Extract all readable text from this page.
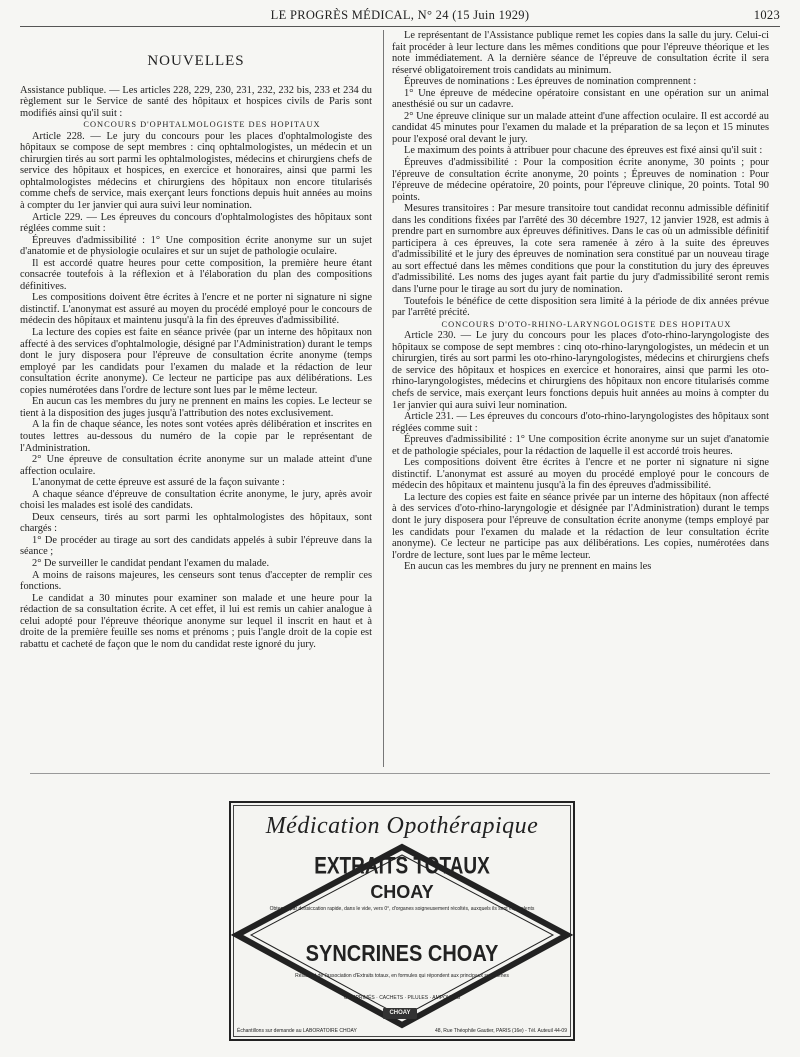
LE PROGRÈS MÉDICAL, N° 24 (15 Juin 1929)	1023
NOUVELLES

Assistance publique. — Les articles 228, 229, 230, 231, 232, 232 bis, 233 et 234 du règlement sur le Service de santé des hôpitaux et hospices civils de Paris sont modifiés ainsi qu'il suit :

CONCOURS D'OPHTALMOLOGISTE DES HOPITAUX

Article 228. — Le jury du concours pour les places d'ophtalmologiste des hôpitaux se compose de sept membres : cinq ophtalmologistes, un médecin et un chirurgien tirés au sort parmi les ophtalmologistes, médecins et chirurgiens chefs de service des hôpitaux et hospices, en exercice et honoraires, ainsi que parmi les ophtalmologistes médecins et chirurgiens des hôpitaux non encore titularisés comme chefs de service, mais exerçant leurs fonctions depuis huit années au moins à compter du 1er janvier qui aura suivi leur nomination.

Article 229. — Les épreuves du concours d'ophtalmologistes des hôpitaux sont réglées comme suit :

Épreuves d'admissibilité : 1° Une composition écrite anonyme sur un sujet d'anatomie et de physiologie oculaires et sur un sujet de pathologie oculaire.

Il est accordé quatre heures pour cette composition, la première heure étant consacrée toutefois à la réflexion et à l'élaboration du plan des compositions définitives.

Les compositions doivent être écrites à l'encre et ne porter ni signature ni signe distinctif. L'anonymat est assuré au moyen du procédé employé pour le concours de médecin des hôpitaux et maintenu jusqu'à la fin des épreuves d'admissibilité.

La lecture des copies est faite en séance privée (par un interne des hôpitaux non affecté à des services d'ophtalmologie, désigné par l'Administration) durant le temps dont le jury disposera pour l'épreuve de consultation écrite anonyme (temps employé par les candidats pour l'examen du malade et la rédaction de leur consultation écrite anonyme). Ce lecteur ne participe pas aux délibérations. Les copies numérotées dans l'ordre de lecture sont lues par le même lecteur.

En aucun cas les membres du jury ne prennent en mains les copies. Le lecteur se tient à la disposition des juges jusqu'à l'attribution des notes exclusivement.

A la fin de chaque séance, les notes sont votées après délibération et inscrites en toutes lettres au-dessous du numéro de la copie par le représentant de l'Administration.

2° Une épreuve de consultation écrite anonyme sur un malade atteint d'une affection oculaire.

L'anonymat de cette épreuve est assuré de la façon suivante :

A chaque séance d'épreuve de consultation écrite anonyme, le jury, après avoir choisi les malades est isolé des candidats.

Deux censeurs, tirés au sort parmi les ophtalmologistes des hôpitaux, sont chargés :

1° De procéder au tirage au sort des candidats appelés à subir l'épreuve dans la séance ;

2° De surveiller le candidat pendant l'examen du malade.

A moins de raisons majeures, les censeurs sont tenus d'accepter de remplir ces fonctions.

Le candidat a 30 minutes pour examiner son malade et une heure pour la rédaction de sa consultation écrite. A cet effet, il lui est remis un cahier analogue à celui adopté pour l'épreuve théorique anonyme sur lequel il inscrit en haut et à droite de la première feuille ses noms et prénoms ; puis l'angle droit de la copie est rabattu et cacheté de façon que le nom du candidat reste ignoré du jury.

Le représentant de l'Assistance publique remet les copies dans la salle du jury. Celui-ci fait procéder à leur lecture dans les mêmes conditions que pour l'épreuve théorique et les note immédiatement. A la dernière séance de l'épreuve de consultation écrite il sera réservé obligatoirement trois candidats au minimum.

Épreuves de nominations : Les épreuves de nomination comprennent :

1° Une épreuve de médecine opératoire consistant en une opération sur un animal anesthésié ou sur un cadavre.

2° Une épreuve clinique sur un malade atteint d'une affection oculaire. Il est accordé au candidat 45 minutes pour l'examen du malade et la préparation de sa leçon et 15 minutes pour l'exposé oral devant le jury.

Le maximum des points à attribuer pour chacune des épreuves est fixé ainsi qu'il suit :

Épreuves d'admissibilité : Pour la composition écrite anonyme, 30 points ; pour l'épreuve de consultation écrite anonyme, 20 points ; Épreuves de nomination : Pour l'épreuve de médecine opératoire, 20 points, pour l'épreuve clinique, 20 points. Total 90 points.

Mesures transitoires : Par mesure transitoire tout candidat reconnu admissible définitif dans les conditions fixées par l'arrêté des 30 décembre 1927, 12 janvier 1928, est admis à prendre part en surnombre aux épreuves définitives. Dans le cas où un admissible définitif participera à ces épreuves, la cote sera ramenée à zéro à la suite des épreuves d'admissibilité et le jury des épreuves de nomination sera constitué par un nouveau tirage au sort effectué dans les mêmes conditions que pour la constitution du jury des épreuves d'admissibilité. Les noms des juges ayant fait partie du jury d'admissibilité seront remis dans l'urne pour le tirage au sort du jury de nomination.

Toutefois le bénéfice de cette disposition sera limité à la période de dix années prévue par l'arrêté précité.

CONCOURS D'OTO-RHINO-LARYNGOLOGISTE DES HOPITAUX

Article 230. — Le jury du concours pour les places d'oto-rhino-laryngologiste des hôpitaux se compose de sept membres : cinq oto-rhino-laryngologistes, un médecin et un chirurgien, tirés au sort parmi les oto-rhino-laryngologistes, médecins et chirurgiens chefs de service des hôpitaux et hospices en exercice et honoraires, ainsi que parmi les oto-rhino-laryngologistes, médecins et chirurgiens des hôpitaux non encore titularisés comme chefs de service, mais exerçant leurs fonctions depuis huit années au moins à compter du 1er janvier qui aura suivi leur nomination.

Article 231. — Les épreuves du concours d'oto-rhino-laryngologistes des hôpitaux sont réglées comme suit :

Épreuves d'admissibilité : 1° Une composition écrite anonyme sur un sujet d'anatomie et de pathologie spéciales, pour la rédaction de laquelle il est accordé trois heures.

Les compositions doivent être écrites à l'encre et ne porter ni signature ni signe distinctif. L'anonymat est assuré au moyen du procédé employé pour le concours de médecin des hôpitaux et maintenu jusqu'à la fin des épreuves d'admissibilité.

La lecture des copies est faite en séance privée par un interne des hôpitaux (non affecté à des services d'oto-rhino-laryngologie et désignée par l'Administration) durant le temps dont le jury disposera pour l'épreuve de consultation écrite anonyme (temps employé par les candidats pour l'examen du malade et la rédaction de leur consultation écrite anonyme). Ce lecteur ne participe pas aux délibérations. Les copies, numérotées dans l'ordre de lecture, sont lues par le même lecteur.

En aucun cas les membres du jury ne prennent en mains les

Médication Opothérapique
EXTRAITS TOTAUX
CHOAY
Obtenus par dessiccation rapide, dans le vide, vers 0°, d'organes soigneusement récoltés, auxquels ils sont équivalents
SYNCRINES CHOAY
Résultant de l'association d'Extraits totaux, en formules qui répondent aux principaux syndromes
COMPRIMÉS · CACHETS · PILULES · AMPOULES
CHOAY
Échantillons sur demande au LABORATOIRE CHOAY	48, Rue Théophile Gautier, PARIS (16e) - Tél. Auteuil 44-09
